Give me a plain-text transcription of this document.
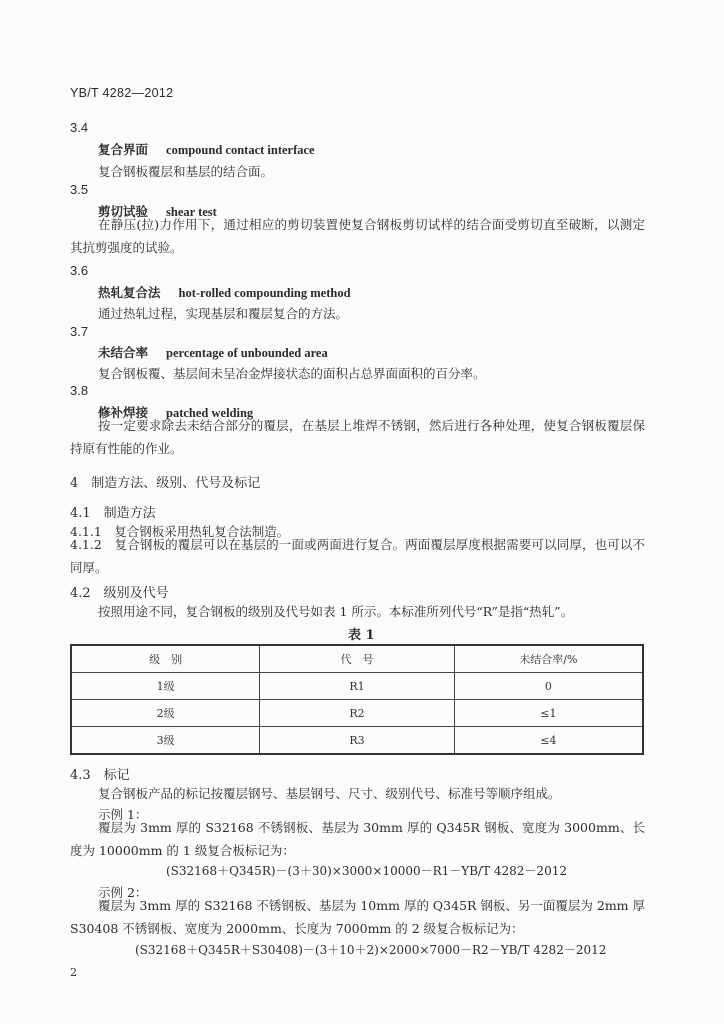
YB/T 4282—2012
3.4
复合界面 compound contact interface
复合钢板覆层和基层的结合面。
3.5
剪切试验 shear test
在静压(拉)力作用下，通过相应的剪切装置使复合钢板剪切试样的结合面受剪切直至破断，以测定其抗剪强度的试验。
3.6
热轧复合法 hot-rolled compounding method
通过热轧过程，实现基层和覆层复合的方法。
3.7
未结合率 percentage of unbounded area
复合钢板覆、基层间未呈冶金焊接状态的面积占总界面面积的百分率。
3.8
修补焊接 patched welding
按一定要求除去未结合部分的覆层，在基层上堆焊不锈钢，然后进行各种处理，使复合钢板覆层保持原有性能的作业。
4　制造方法、级别、代号及标记
4.1　制造方法
4.1.1　复合钢板采用热轧复合法制造。
4.1.2　复合钢板的覆层可以在基层的一面或两面进行复合。两面覆层厚度根据需要可以同厚，也可以不同厚。
4.2　级别及代号
按照用途不同，复合钢板的级别及代号如表 1 所示。本标准所列代号“R”是指“热轧”。
表 1
级　别	代　号	未结合率/%
1级	R1	0
2级	R2	≤1
3级	R3	≤4
4.3　标记
复合钢板产品的标记按覆层钢号、基层钢号、尺寸、级别代号、标准号等顺序组成。
示例 1：
覆层为 3mm 厚的 S32168 不锈钢板、基层为 30mm 厚的 Q345R 钢板、宽度为 3000mm、长度为 10000mm 的 1 级复合板标记为：
(S32168＋Q345R)－(3＋30)×3000×10000－R1－YB/T 4282－2012
示例 2：
覆层为 3mm 厚的 S32168 不锈钢板、基层为 10mm 厚的 Q345R 钢板、另一面覆层为 2mm 厚 S30408 不锈钢板、宽度为 2000mm、长度为 7000mm 的 2 级复合板标记为：
(S32168＋Q345R＋S30408)－(3＋10＋2)×2000×7000－R2－YB/T 4282－2012
2
